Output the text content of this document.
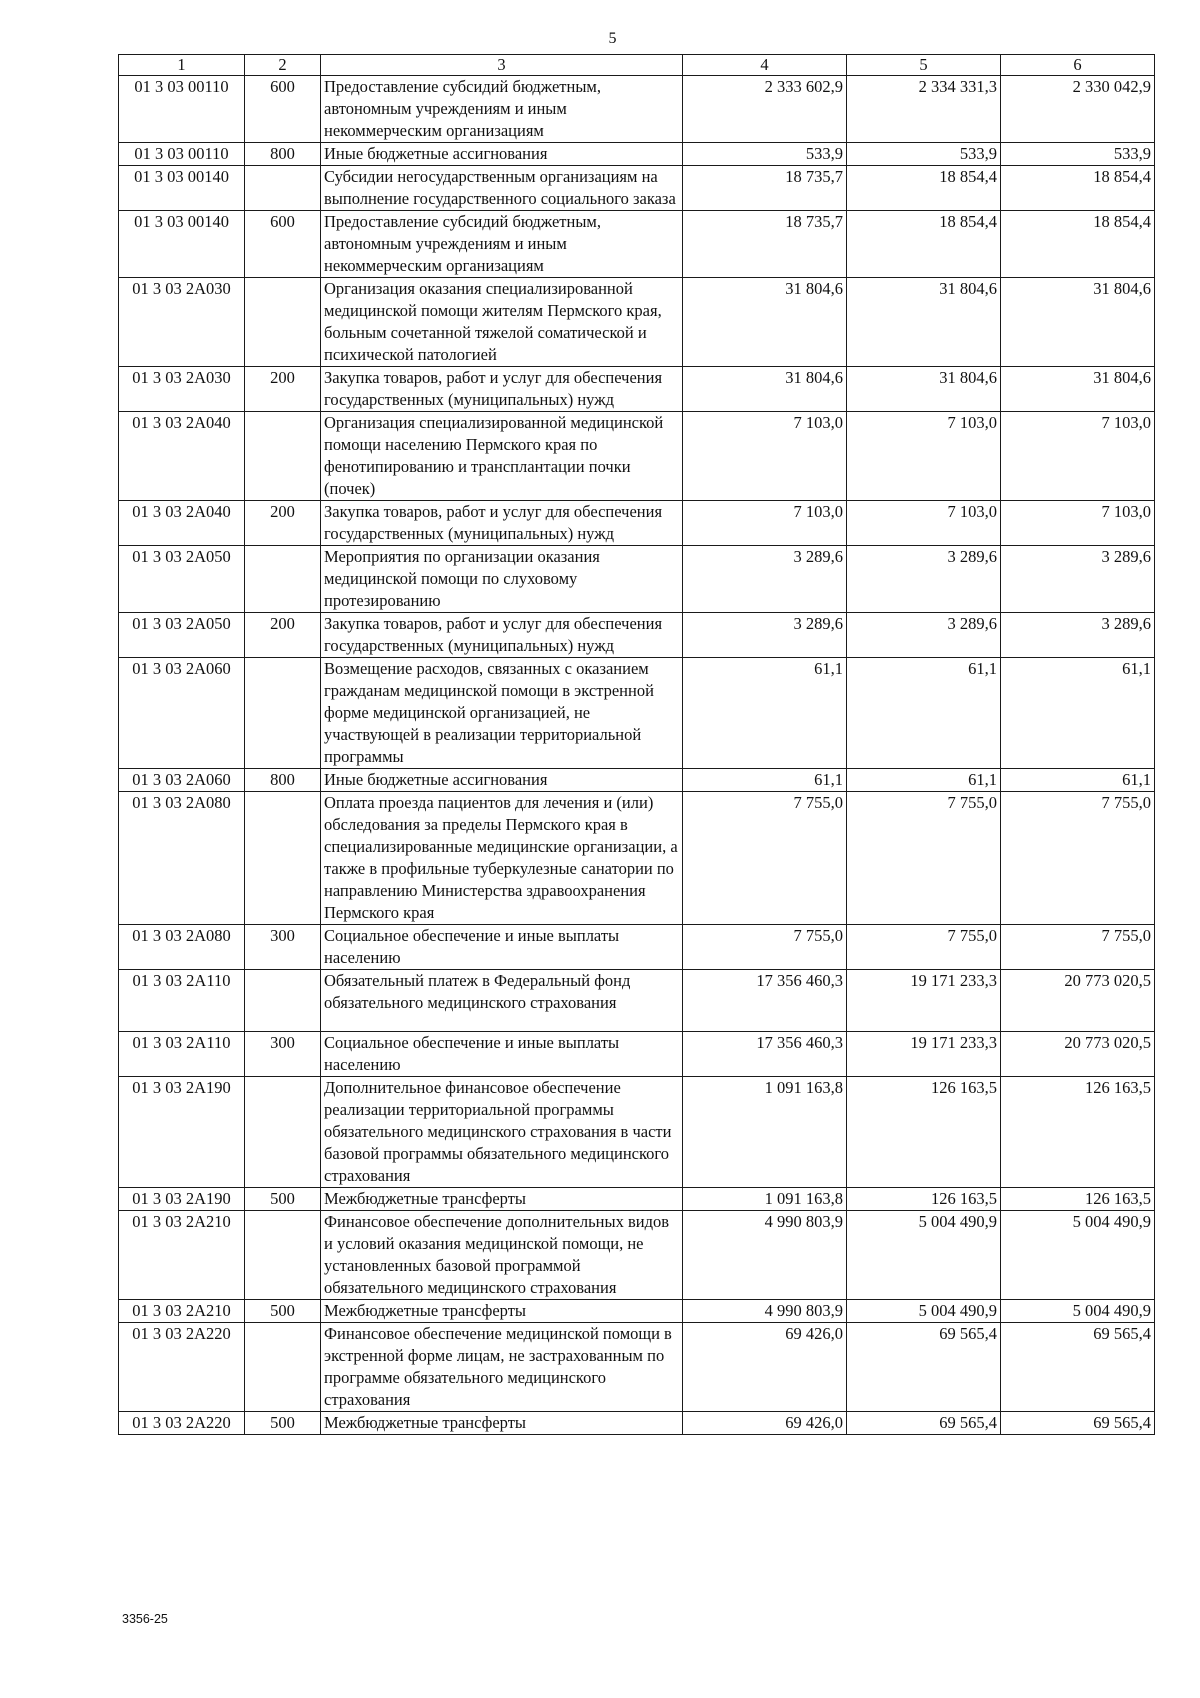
5
1	2	3	4	5	6
01 3 03 00110	600	Предоставление субсидий бюджетным, автономным учреждениям и иным некоммерческим организациям	2 333 602,9	2 334 331,3	2 330 042,9
01 3 03 00110	800	Иные бюджетные ассигнования	533,9	533,9	533,9
01 3 03 00140		Субсидии негосударственным организациям на выполнение государственного социального заказа	18 735,7	18 854,4	18 854,4
01 3 03 00140	600	Предоставление субсидий бюджетным, автономным учреждениям и иным некоммерческим организациям	18 735,7	18 854,4	18 854,4
01 3 03 2А030		Организация оказания специализированной медицинской помощи жителям Пермского края, больным сочетанной тяжелой соматической и психической патологией	31 804,6	31 804,6	31 804,6
01 3 03 2А030	200	Закупка товаров, работ и услуг для обеспечения государственных (муниципальных) нужд	31 804,6	31 804,6	31 804,6
01 3 03 2А040		Организация специализированной медицинской помощи населению Пермского края по фенотипированию и трансплантации почки (почек)	7 103,0	7 103,0	7 103,0
01 3 03 2А040	200	Закупка товаров, работ и услуг для обеспечения государственных (муниципальных) нужд	7 103,0	7 103,0	7 103,0
01 3 03 2А050		Мероприятия по организации оказания медицинской помощи по слуховому протезированию	3 289,6	3 289,6	3 289,6
01 3 03 2А050	200	Закупка товаров, работ и услуг для обеспечения государственных (муниципальных) нужд	3 289,6	3 289,6	3 289,6
01 3 03 2А060		Возмещение расходов, связанных с оказанием гражданам медицинской помощи в экстренной форме медицинской организацией, не участвующей в реализации территориальной программы	61,1	61,1	61,1
01 3 03 2А060	800	Иные бюджетные ассигнования	61,1	61,1	61,1
01 3 03 2А080		Оплата проезда пациентов для лечения и (или) обследования за пределы Пермского края в специализированные медицинские организации, а также в профильные туберкулезные санатории по направлению Министерства здравоохранения Пермского края	7 755,0	7 755,0	7 755,0
01 3 03 2А080	300	Социальное обеспечение и иные выплаты населению	7 755,0	7 755,0	7 755,0
01 3 03 2А110		Обязательный платеж в Федеральный фонд обязательного медицинского страхования	17 356 460,3	19 171 233,3	20 773 020,5
01 3 03 2А110	300	Социальное обеспечение и иные выплаты населению	17 356 460,3	19 171 233,3	20 773 020,5
01 3 03 2А190		Дополнительное финансовое обеспечение реализации территориальной программы обязательного медицинского страхования в части базовой программы обязательного медицинского страхования	1 091 163,8	126 163,5	126 163,5
01 3 03 2А190	500	Межбюджетные трансферты	1 091 163,8	126 163,5	126 163,5
01 3 03 2А210		Финансовое обеспечение дополнительных видов и условий оказания медицинской помощи, не установленных базовой программой обязательного медицинского страхования	4 990 803,9	5 004 490,9	5 004 490,9
01 3 03 2А210	500	Межбюджетные трансферты	4 990 803,9	5 004 490,9	5 004 490,9
01 3 03 2А220		Финансовое обеспечение медицинской помощи в экстренной форме лицам, не застрахованным по программе обязательного медицинского страхования	69 426,0	69 565,4	69 565,4
01 3 03 2А220	500	Межбюджетные трансферты	69 426,0	69 565,4	69 565,4
3356-25
